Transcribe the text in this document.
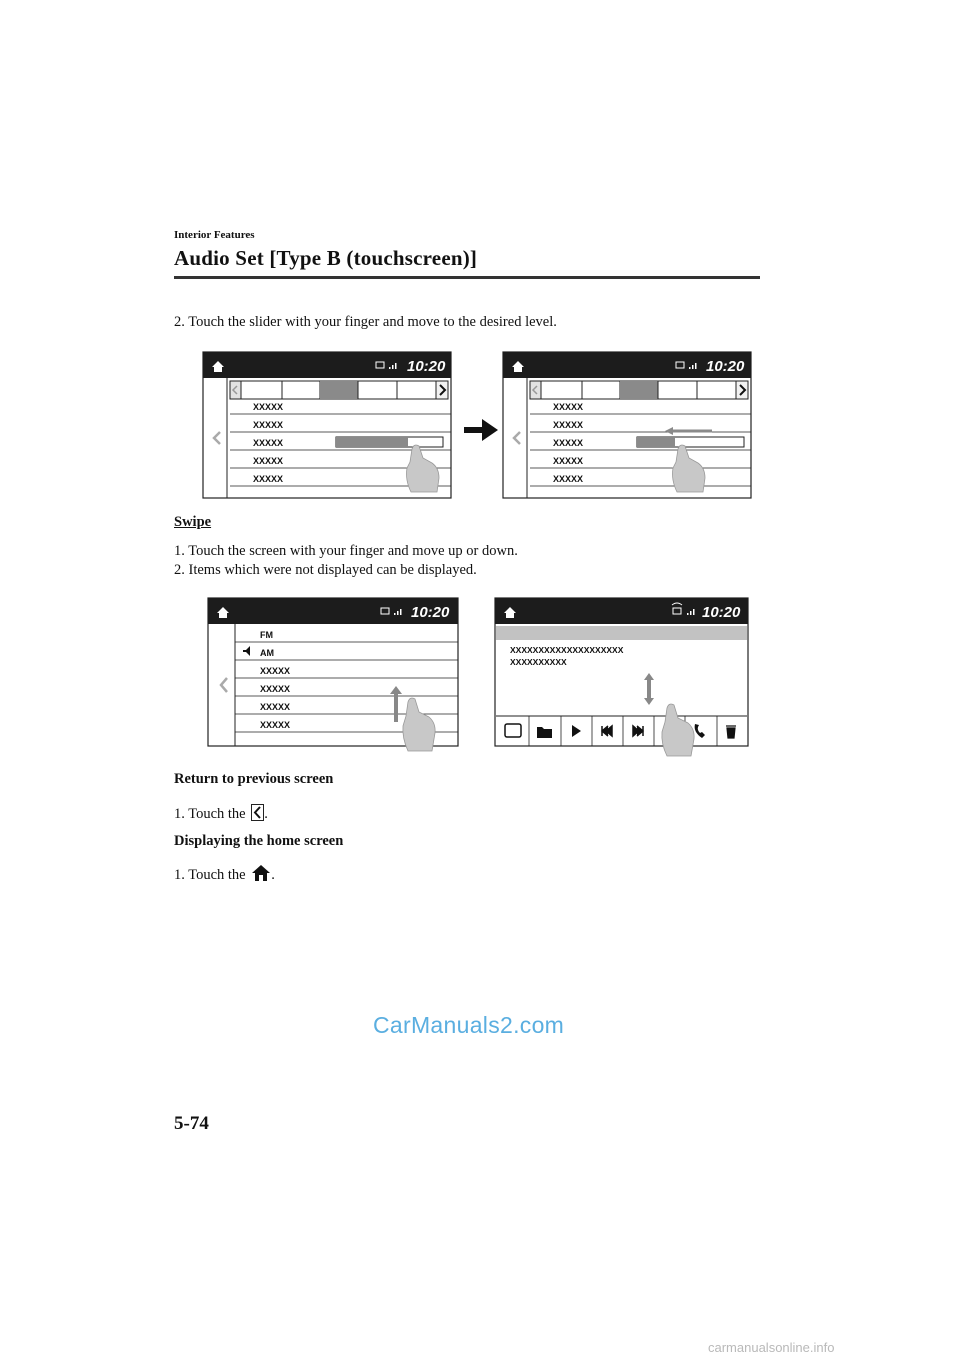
Interior Features
Audio Set [Type B (touchscreen)]
2. Touch the slider with your finger and move to the desired level.
10:20
XXXXX
XXXXX
XXXXX
XXXXX
XXXXX
10:20
XXXXX
XXXXX
XXXXX
XXXXX
XXXXX
Swipe
1. Touch the screen with your finger and move up or down.
2. Items which were not displayed can be displayed.
10:20
FM
AM
XXXXX
XXXXX
XXXXX
XXXXX
10:20
XXXXXXXXXXXXXXXXXXXX
XXXXXXXXXX
Return to previous screen
1. Touch the .
Displaying the home screen
1. Touch the .
CarManuals2.com
5-74
carmanualsonline.info
